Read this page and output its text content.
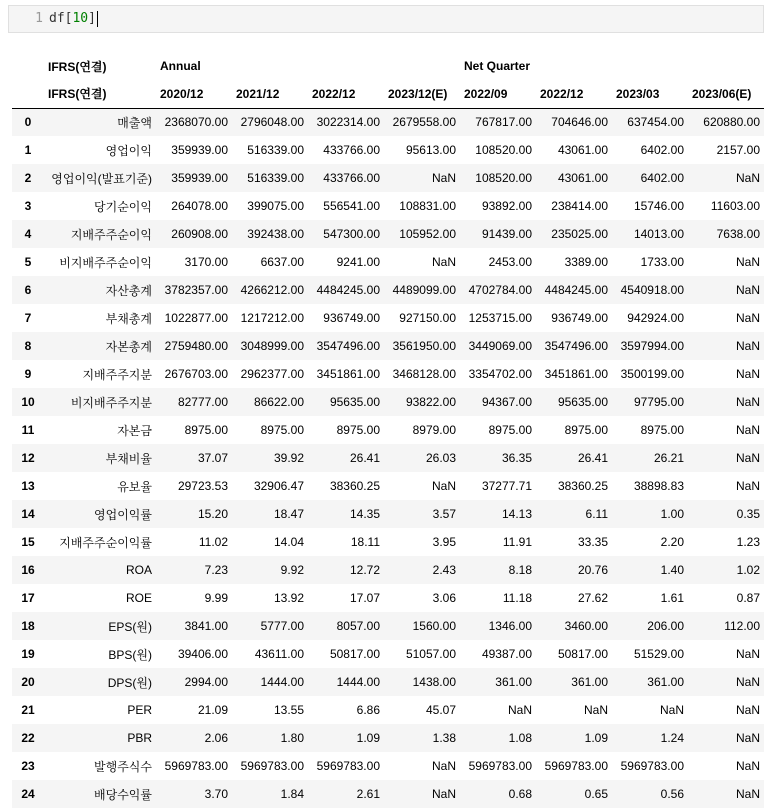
1 df[10]
	IFRS(연결)	Annual				Net Quarter			
	IFRS(연결)	2020/12	2021/12	2022/12	2023/12(E)	2022/09	2022/12	2023/03	2023/06(E)
0	매출액	2368070.00	2796048.00	3022314.00	2679558.00	767817.00	704646.00	637454.00	620880.00
1	영업이익	359939.00	516339.00	433766.00	95613.00	108520.00	43061.00	6402.00	2157.00
2	영업이익(발표기준)	359939.00	516339.00	433766.00	NaN	108520.00	43061.00	6402.00	NaN
3	당기순이익	264078.00	399075.00	556541.00	108831.00	93892.00	238414.00	15746.00	11603.00
4	지배주주순이익	260908.00	392438.00	547300.00	105952.00	91439.00	235025.00	14013.00	7638.00
5	비지배주주순이익	3170.00	6637.00	9241.00	NaN	2453.00	3389.00	1733.00	NaN
6	자산총계	3782357.00	4266212.00	4484245.00	4489099.00	4702784.00	4484245.00	4540918.00	NaN
7	부채총계	1022877.00	1217212.00	936749.00	927150.00	1253715.00	936749.00	942924.00	NaN
8	자본총계	2759480.00	3048999.00	3547496.00	3561950.00	3449069.00	3547496.00	3597994.00	NaN
9	지배주주지분	2676703.00	2962377.00	3451861.00	3468128.00	3354702.00	3451861.00	3500199.00	NaN
10	비지배주주지분	82777.00	86622.00	95635.00	93822.00	94367.00	95635.00	97795.00	NaN
11	자본금	8975.00	8975.00	8975.00	8979.00	8975.00	8975.00	8975.00	NaN
12	부채비율	37.07	39.92	26.41	26.03	36.35	26.41	26.21	NaN
13	유보율	29723.53	32906.47	38360.25	NaN	37277.71	38360.25	38898.83	NaN
14	영업이익률	15.20	18.47	14.35	3.57	14.13	6.11	1.00	0.35
15	지배주주순이익률	11.02	14.04	18.11	3.95	11.91	33.35	2.20	1.23
16	ROA	7.23	9.92	12.72	2.43	8.18	20.76	1.40	1.02
17	ROE	9.99	13.92	17.07	3.06	11.18	27.62	1.61	0.87
18	EPS(원)	3841.00	5777.00	8057.00	1560.00	1346.00	3460.00	206.00	112.00
19	BPS(원)	39406.00	43611.00	50817.00	51057.00	49387.00	50817.00	51529.00	NaN
20	DPS(원)	2994.00	1444.00	1444.00	1438.00	361.00	361.00	361.00	NaN
21	PER	21.09	13.55	6.86	45.07	NaN	NaN	NaN	NaN
22	PBR	2.06	1.80	1.09	1.38	1.08	1.09	1.24	NaN
23	발행주식수	5969783.00	5969783.00	5969783.00	NaN	5969783.00	5969783.00	5969783.00	NaN
24	배당수익률	3.70	1.84	2.61	NaN	0.68	0.65	0.56	NaN
